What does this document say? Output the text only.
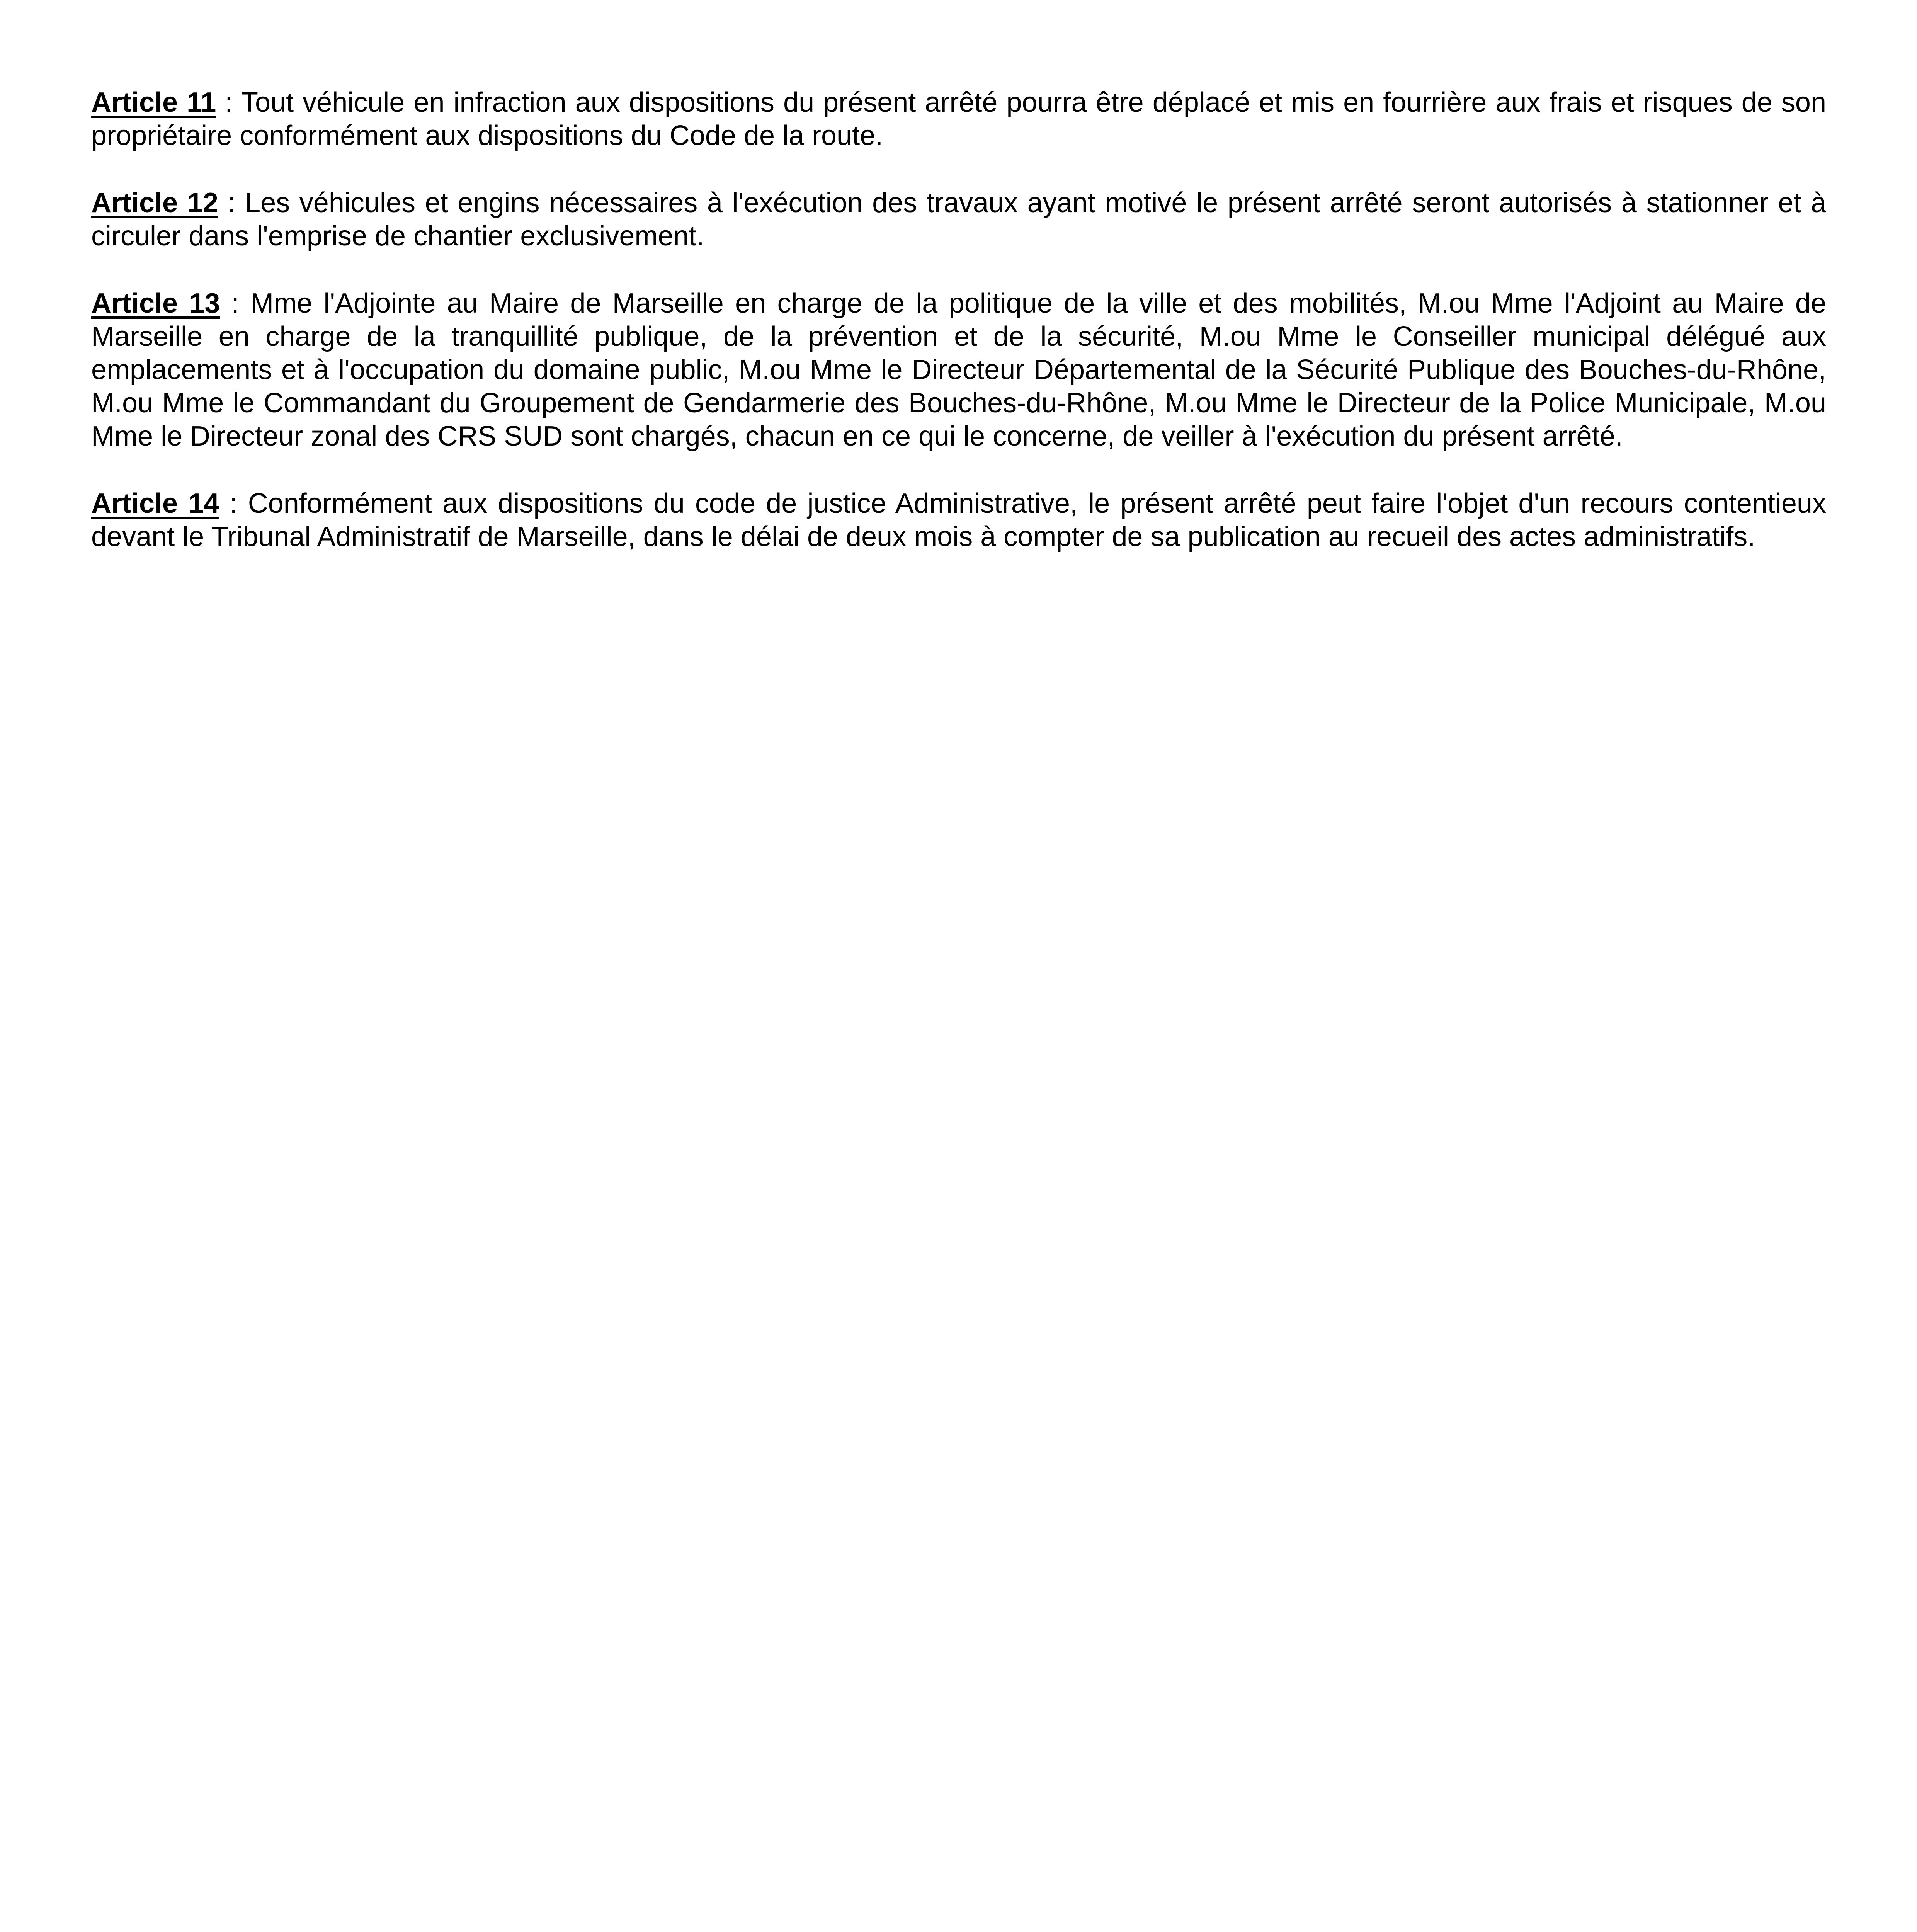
Article 11 : Tout véhicule en infraction aux dispositions du présent arrêté pourra être déplacé et mis en fourrière aux frais et risques de son propriétaire conformément aux dispositions du Code de la route.

Article 12 : Les véhicules et engins nécessaires à l'exécution des travaux ayant motivé le présent arrêté seront autorisés à stationner et à circuler dans l'emprise de chantier exclusivement.

Article 13 : Mme l'Adjointe au Maire de Marseille en charge de la politique de la ville et des mobilités, M.ou Mme l'Adjoint au Maire de Marseille en charge de la tranquillité publique, de la prévention et de la sécurité, M.ou Mme le Conseiller municipal délégué aux emplacements et à l'occupation du domaine public, M.ou Mme le Directeur Départemental de la Sécurité Publique des Bouches-du-Rhône, M.ou Mme le Commandant du Groupement de Gendarmerie des Bouches-du-Rhône, M.ou Mme le Directeur de la Police Municipale, M.ou Mme le Directeur zonal des CRS SUD sont chargés, chacun en ce qui le concerne, de veiller à l'exécution du présent arrêté.

Article 14 : Conformément aux dispositions du code de justice Administrative, le présent arrêté peut faire l'objet d'un recours contentieux devant le Tribunal Administratif de Marseille, dans le délai de deux mois à compter de sa publication au recueil des actes administratifs.
